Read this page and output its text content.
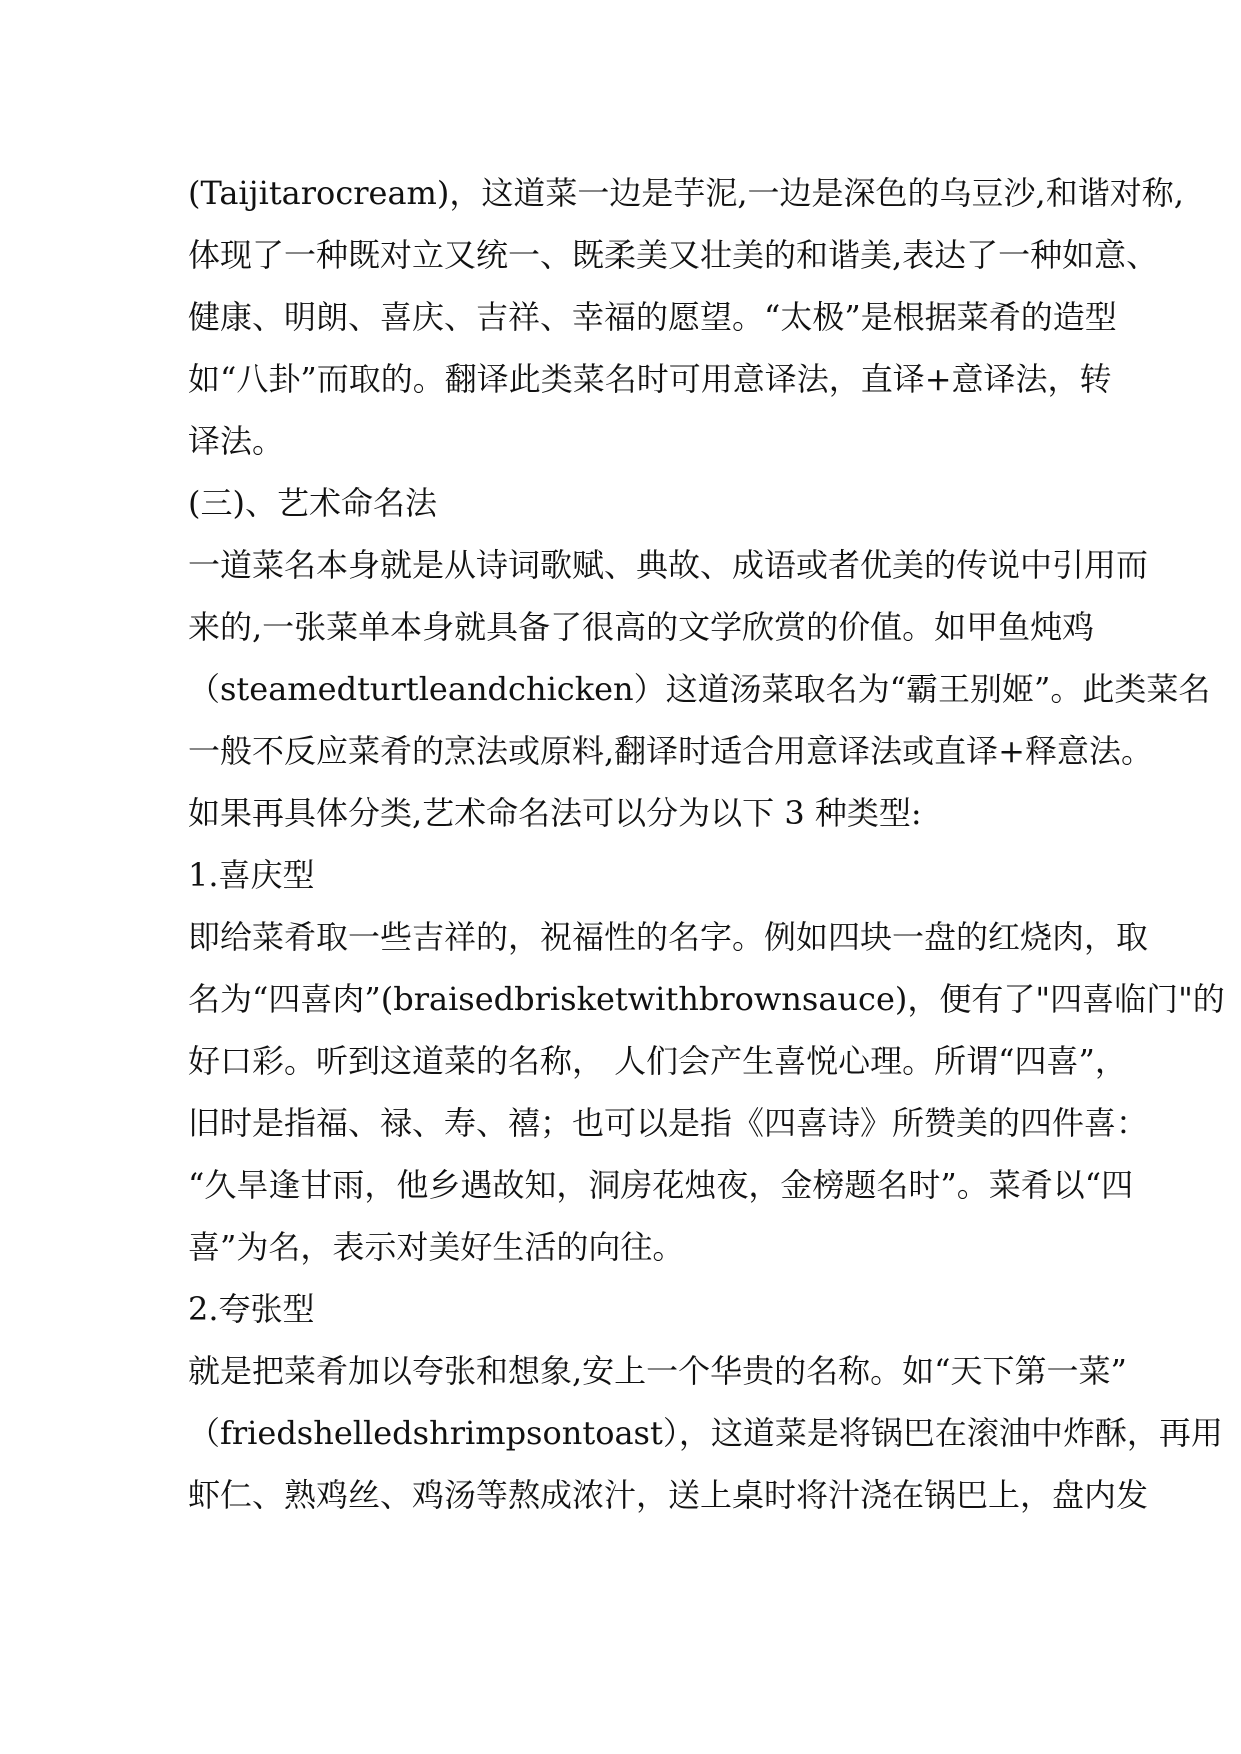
(Taijitarocream)，这道菜一边是芋泥,一边是深色的乌豆沙,和谐对称,
体现了一种既对立又统一、既柔美又壮美的和谐美,表达了一种如意、
健康、明朗、喜庆、吉祥、幸福的愿望。“太极”是根据菜肴的造型
如“八卦”而取的。翻译此类菜名时可用意译法，直译+意译法，转
译法。
(三)、艺术命名法
一道菜名本身就是从诗词歌赋、典故、成语或者优美的传说中引用而
来的,一张菜单本身就具备了很高的文学欣赏的价值。如甲鱼炖鸡
（steamedturtleandchicken）这道汤菜取名为“霸王别姬”。此类菜名
一般不反应菜肴的烹法或原料,翻译时适合用意译法或直译+释意法。
如果再具体分类,艺术命名法可以分为以下 3 种类型:
1.喜庆型
即给菜肴取一些吉祥的，祝福性的名字。例如四块一盘的红烧肉，取
名为“四喜肉”(braisedbrisketwithbrownsauce)，便有了"四喜临门"的
好口彩。听到这道菜的名称， 人们会产生喜悦心理。所谓“四喜”，
旧时是指福、禄、寿、禧；也可以是指《四喜诗》所赞美的四件喜：
“久旱逢甘雨，他乡遇故知，洞房花烛夜，金榜题名时”。菜肴以“四
喜”为名，表示对美好生活的向往。
2.夸张型
就是把菜肴加以夸张和想象,安上一个华贵的名称。如“天下第一菜”
（friedshelledshrimpsontoast），这道菜是将锅巴在滚油中炸酥，再用
虾仁、熟鸡丝、鸡汤等熬成浓汁，送上桌时将汁浇在锅巴上，盘内发
